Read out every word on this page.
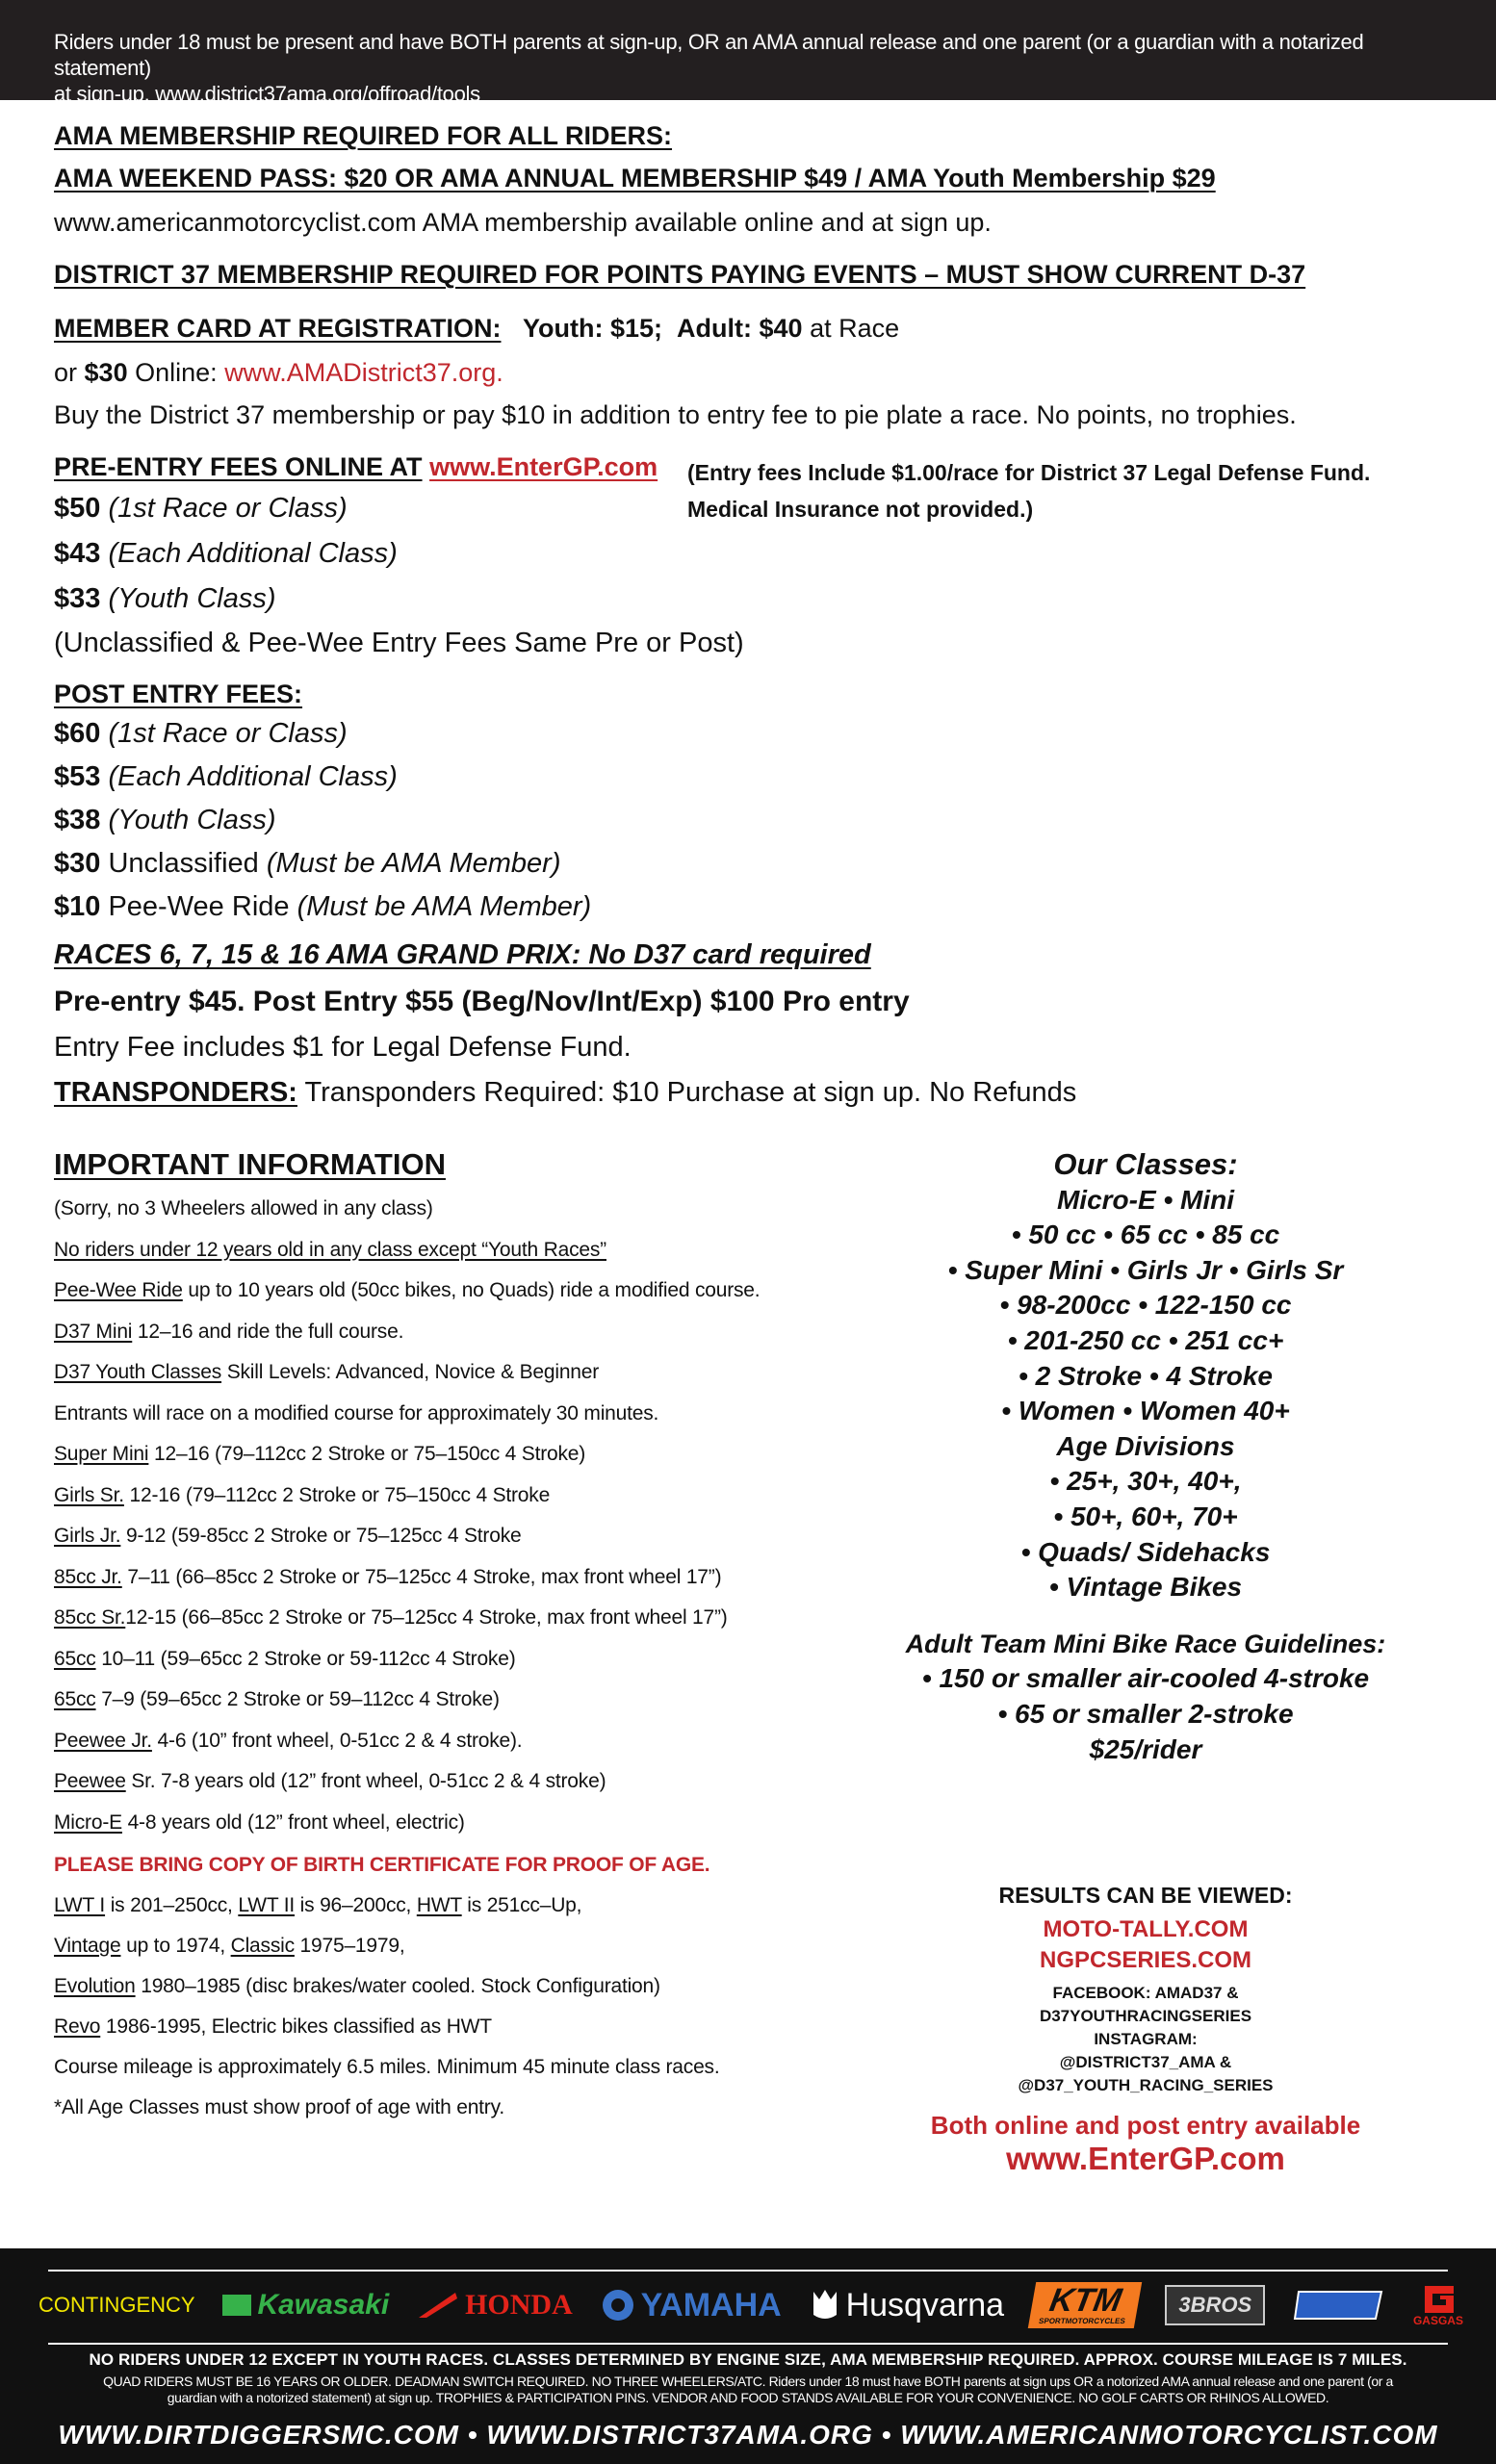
Riders under 18 must be present and have BOTH parents at sign-up, OR an AMA annual release and one parent (or a guardian with a notarized statement)
at sign-up. www.district37ama.org/offroad/tools
AMA MEMBERSHIP REQUIRED FOR ALL RIDERS:
AMA WEEKEND PASS: $20 OR AMA ANNUAL MEMBERSHIP $49 / AMA Youth Membership $29
www.americanmotorcyclist.com AMA membership available online and at sign up.
DISTRICT 37 MEMBERSHIP REQUIRED FOR POINTS PAYING EVENTS – MUST SHOW CURRENT D-37
MEMBER CARD AT REGISTRATION: Youth: $15; Adult: $40 at Race
or $30 Online: www.AMADistrict37.org.
Buy the District 37 membership or pay $10 in addition to entry fee to pie plate a race. No points, no trophies.
PRE-ENTRY FEES ONLINE AT www.EnterGP.com (Entry fees Include $1.00/race for District 37 Legal Defense Fund.
Medical Insurance not provided.)
$50 (1st Race or Class)
$43 (Each Additional Class)
$33 (Youth Class)
(Unclassified & Pee-Wee Entry Fees Same Pre or Post)
POST ENTRY FEES:
$60 (1st Race or Class)
$53 (Each Additional Class)
$38 (Youth Class)
$30 Unclassified (Must be AMA Member)
$10 Pee-Wee Ride (Must be AMA Member)
RACES 6, 7, 15 & 16 AMA GRAND PRIX: No D37 card required
Pre-entry $45. Post Entry $55 (Beg/Nov/Int/Exp) $100 Pro entry
Entry Fee includes $1 for Legal Defense Fund.
TRANSPONDERS: Transponders Required: $10 Purchase at sign up. No Refunds
IMPORTANT INFORMATION
(Sorry, no 3 Wheelers allowed in any class)
No riders under 12 years old in any class except “Youth Races”
Pee-Wee Ride up to 10 years old (50cc bikes, no Quads) ride a modified course.
D37 Mini 12–16 and ride the full course.
D37 Youth Classes Skill Levels: Advanced, Novice & Beginner
Entrants will race on a modified course for approximately 30 minutes.
Super Mini 12–16 (79–112cc 2 Stroke or 75–150cc 4 Stroke)
Girls Sr. 12-16 (79–112cc 2 Stroke or 75–150cc 4 Stroke
Girls Jr. 9-12 (59-85cc 2 Stroke or 75–125cc 4 Stroke
85cc Jr. 7–11 (66–85cc 2 Stroke or 75–125cc 4 Stroke, max front wheel 17”)
85cc Sr.12-15 (66–85cc 2 Stroke or 75–125cc 4 Stroke, max front wheel 17”)
65cc 10–11 (59–65cc 2 Stroke or 59-112cc 4 Stroke)
65cc 7–9 (59–65cc 2 Stroke or 59–112cc 4 Stroke)
Peewee Jr. 4-6 (10” front wheel, 0-51cc 2 & 4 stroke).
Peewee Sr. 7-8 years old (12” front wheel, 0-51cc 2 & 4 stroke)
Micro-E 4-8 years old (12” front wheel, electric)
PLEASE BRING COPY OF BIRTH CERTIFICATE FOR PROOF OF AGE.
LWT I is 201–250cc, LWT II is 96–200cc, HWT is 251cc–Up,
Vintage up to 1974, Classic 1975–1979,
Evolution 1980–1985 (disc brakes/water cooled. Stock Configuration)
Revo 1986-1995, Electric bikes classified as HWT
Course mileage is approximately 6.5 miles. Minimum 45 minute class races.
*All Age Classes must show proof of age with entry.
Our Classes:
Micro-E • Mini
• 50 cc • 65 cc • 85 cc
• Super Mini • Girls Jr • Girls Sr
• 98-200cc • 122-150 cc
• 201-250 cc • 251 cc+
• 2 Stroke • 4 Stroke
• Women • Women 40+
Age Divisions
• 25+, 30+, 40+,
• 50+, 60+, 70+
• Quads/ Sidehacks
• Vintage Bikes
Adult Team Mini Bike Race Guidelines:
• 150 or smaller air-cooled 4-stroke
• 65 or smaller 2-stroke
$25/rider
RESULTS CAN BE VIEWED:
MOTO-TALLY.COM
NGPCSERIES.COM
FACEBOOK: AMAD37 &
D37YOUTHRACINGSERIES
INSTAGRAM:
@DISTRICT37_AMA &
@D37_YOUTH_RACING_SERIES
Both online and post entry available
www.EnterGP.com
CONTINGENCY Kawasaki	HONDA YAMAHA Husqvarna KTM
SPORTMOTORCYCLES
3BROS
GASGAS
NO RIDERS UNDER 12 EXCEPT IN YOUTH RACES. CLASSES DETERMINED BY ENGINE SIZE, AMA MEMBERSHIP REQUIRED. APPROX. COURSE MILEAGE IS 7 MILES.
QUAD RIDERS MUST BE 16 YEARS OR OLDER. DEADMAN SWITCH REQUIRED. NO THREE WHEELERS/ATC. Riders under 18 must have BOTH parents at sign ups OR a notorized AMA annual release and one parent (or a
guardian with a notorized statement) at sign up. TROPHIES & PARTICIPATION PINS. VENDOR AND FOOD STANDS AVAILABLE FOR YOUR CONVENIENCE. NO GOLF CARTS OR RHINOS ALLOWED.
WWW.DIRTDIGGERSMC.COM • WWW.DISTRICT37AMA.ORG • WWW.AMERICANMOTORCYCLIST.COM
